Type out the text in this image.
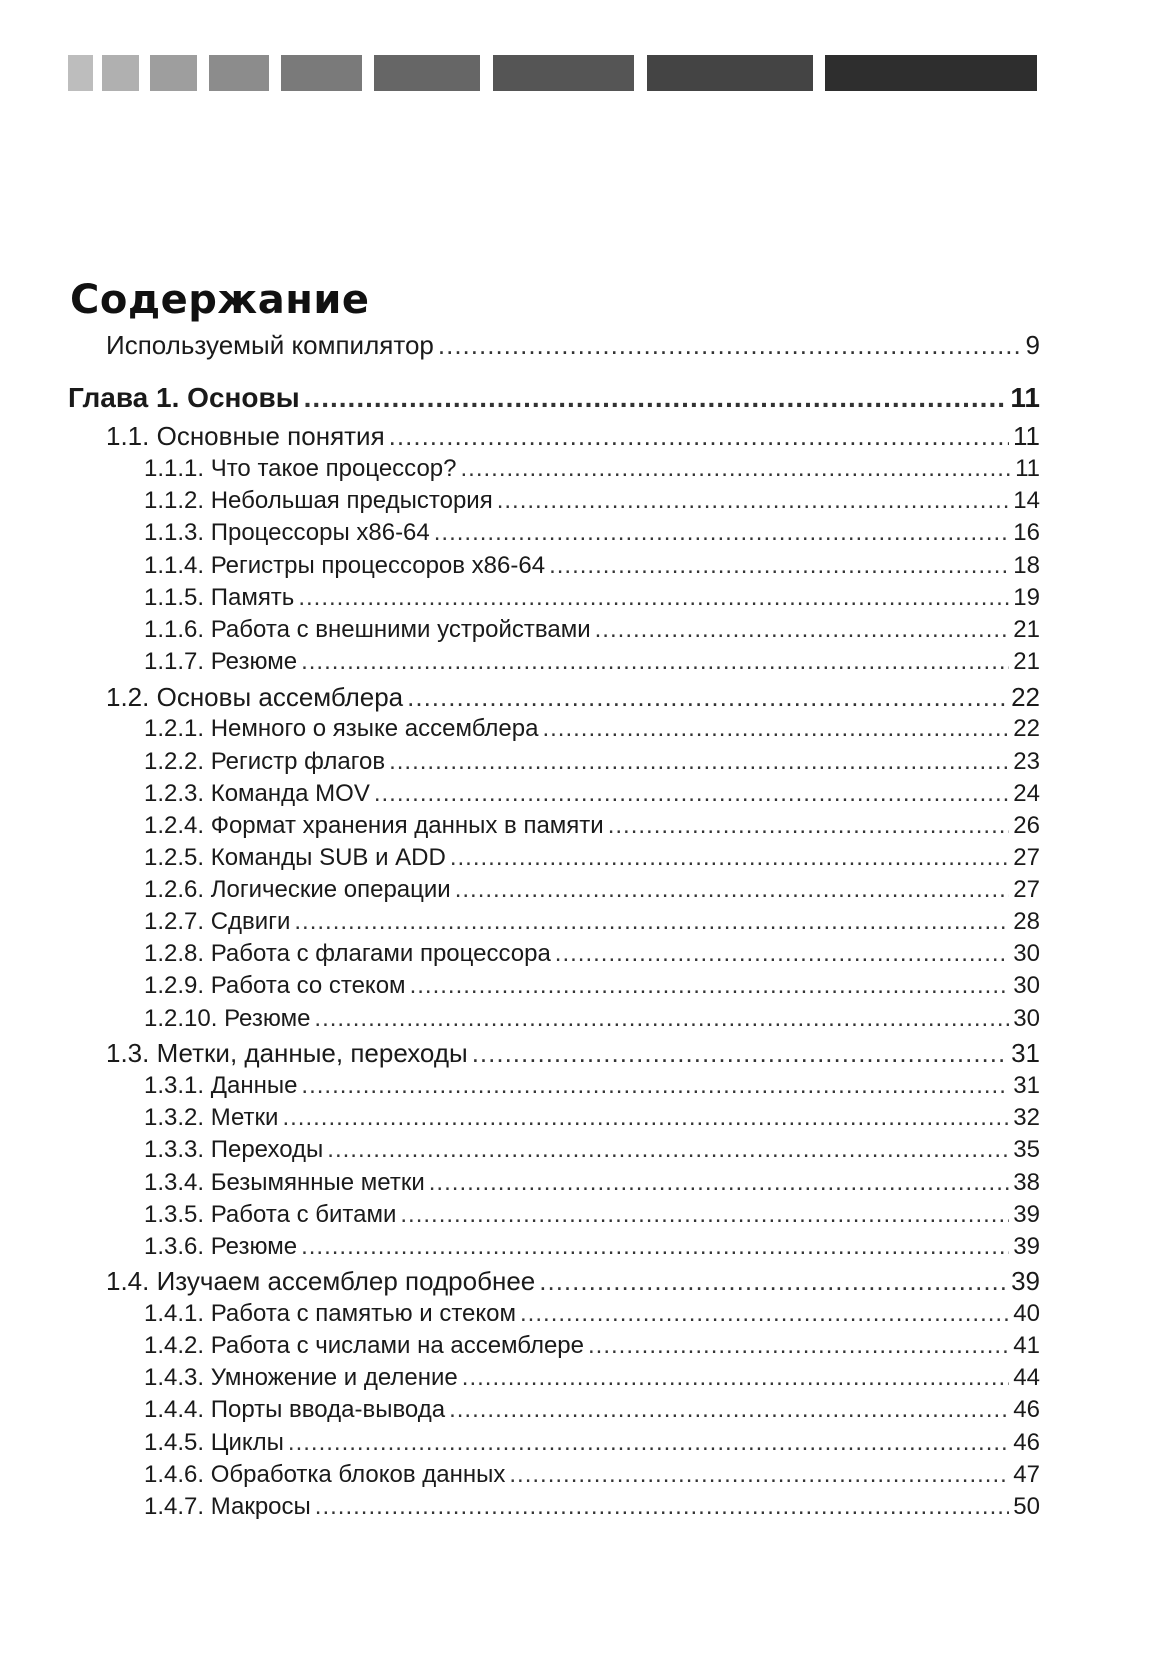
Содержание
Используемый компилятор .....	9
Глава 1. Основы .....	11
1.1. Основные понятия .....	11
1.1.1. Что такое процессор? .....	11
1.1.2. Небольшая предыстория .....	14
1.1.3. Процессоры x86-64 .....	16
1.1.4. Регистры процессоров x86-64 .....	18
1.1.5. Память .....	19
1.1.6. Работа с внешними устройствами .....	21
1.1.7. Резюме .....	21
1.2. Основы ассемблера .....	22
1.2.1. Немного о языке ассемблера .....	22
1.2.2. Регистр флагов .....	23
1.2.3. Команда MOV .....	24
1.2.4. Формат хранения данных в памяти .....	26
1.2.5. Команды SUB и ADD .....	27
1.2.6. Логические операции .....	27
1.2.7. Сдвиги .....	28
1.2.8. Работа с флагами процессора .....	30
1.2.9. Работа со стеком .....	30
1.2.10. Резюме .....	30
1.3. Метки, данные, переходы .....	31
1.3.1. Данные .....	31
1.3.2. Метки .....	32
1.3.3. Переходы .....	35
1.3.4. Безымянные метки .....	38
1.3.5. Работа с битами .....	39
1.3.6. Резюме .....	39
1.4. Изучаем ассемблер подробнее .....	39
1.4.1. Работа с памятью и стеком .....	40
1.4.2. Работа с числами на ассемблере .....	41
1.4.3. Умножение и деление .....	44
1.4.4. Порты ввода-вывода .....	46
1.4.5. Циклы .....	46
1.4.6. Обработка блоков данных .....	47
1.4.7. Макросы .....	50
